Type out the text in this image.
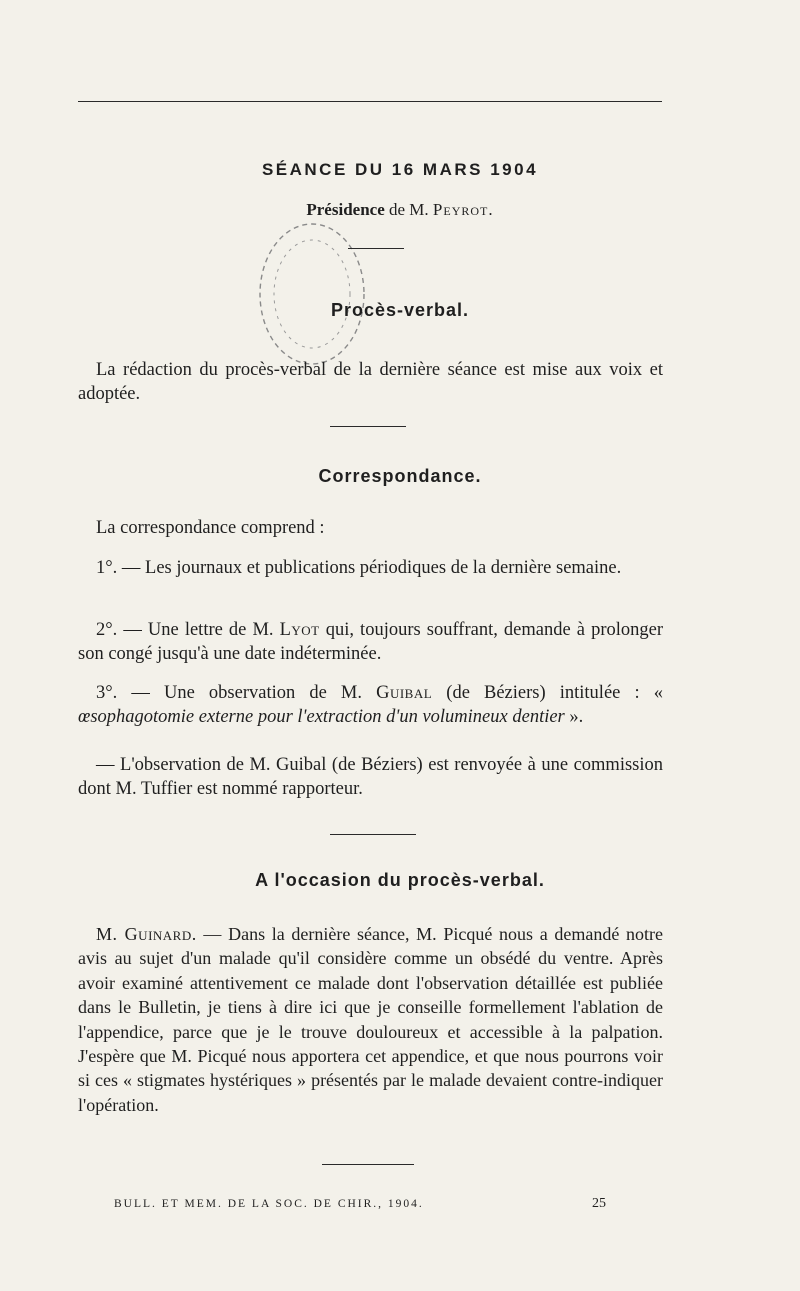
SÉANCE DU 16 MARS 1904
Présidence de M. Peyrot.
Procès-verbal.

La rédaction du procès-verbal de la dernière séance est mise aux voix et adoptée.

Correspondance.

La correspondance comprend :

1°. — Les journaux et publications périodiques de la dernière semaine.

2°. — Une lettre de M. Lyot qui, toujours souffrant, demande à prolonger son congé jusqu'à une date indéterminée.

3°. — Une observation de M. Guibal (de Béziers) intitulée : « œsophagotomie externe pour l'extraction d'un volumineux dentier ».

— L'observation de M. Guibal (de Béziers) est renvoyée à une commission dont M. Tuffier est nommé rapporteur.

A l'occasion du procès-verbal.

M. Guinard. — Dans la dernière séance, M. Picqué nous a demandé notre avis au sujet d'un malade qu'il considère comme un obsédé du ventre. Après avoir examiné attentivement ce malade dont l'observation détaillée est publiée dans le Bulletin, je tiens à dire ici que je conseille formellement l'ablation de l'appendice, parce que je le trouve douloureux et accessible à la palpation. J'espère que M. Picqué nous apportera cet appendice, et que nous pourrons voir si ces « stigmates hystériques » présentés par le malade devaient contre-indiquer l'opération.

BULL. ET MEM. DE LA SOC. DE CHIR., 1904.	25
